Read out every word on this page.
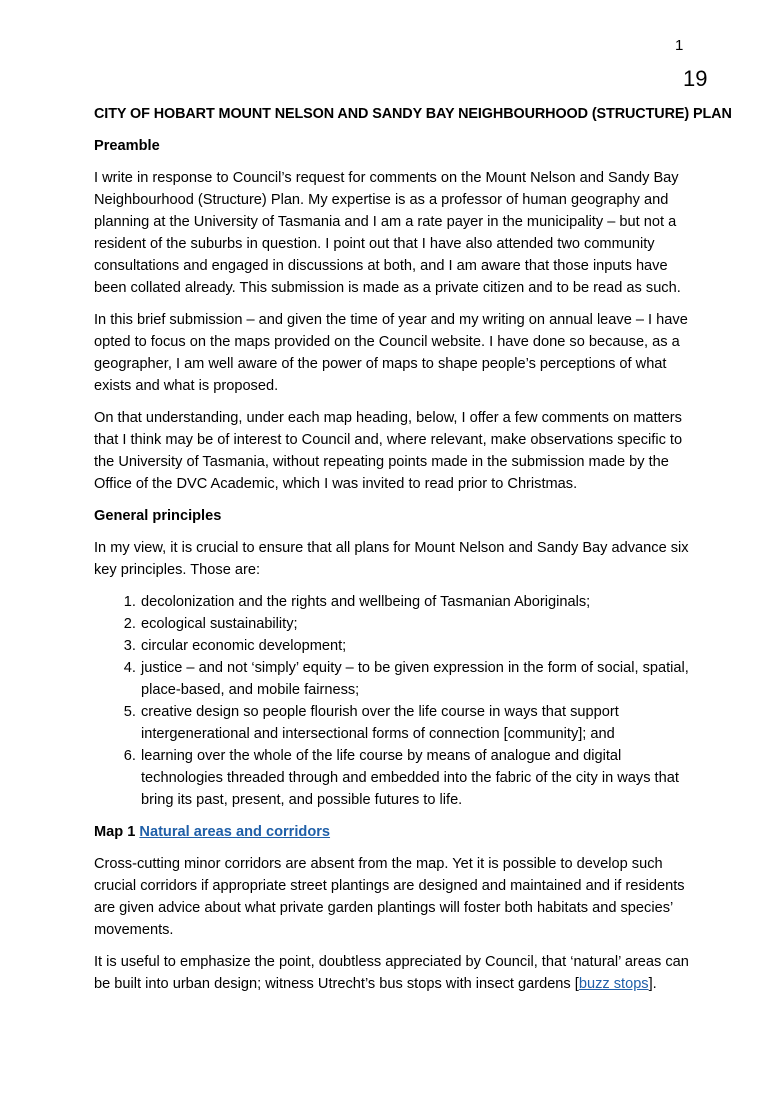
1
19
CITY OF HOBART MOUNT NELSON AND SANDY BAY NEIGHBOURHOOD (STRUCTURE) PLAN
Preamble

I write in response to Council’s request for comments on the Mount Nelson and Sandy Bay Neighbourhood (Structure) Plan. My expertise is as a professor of human geography and planning at the University of Tasmania and I am a rate payer in the municipality – but not a resident of the suburbs in question. I point out that I have also attended two community consultations and engaged in discussions at both, and I am aware that those inputs have been collated already. This submission is made as a private citizen and to be read as such.

In this brief submission – and given the time of year and my writing on annual leave – I have opted to focus on the maps provided on the Council website. I have done so because, as a geographer, I am well aware of the power of maps to shape people’s perceptions of what exists and what is proposed.

On that understanding, under each map heading, below, I offer a few comments on matters that I think may be of interest to Council and, where relevant, make observations specific to the University of Tasmania, without repeating points made in the submission made by the Office of the DVC Academic, which I was invited to read prior to Christmas.

General principles

In my view, it is crucial to ensure that all plans for Mount Nelson and Sandy Bay advance six key principles. Those are:

1. decolonization and the rights and wellbeing of Tasmanian Aboriginals;
2. ecological sustainability;
3. circular economic development;
4. justice – and not ‘simply’ equity – to be given expression in the form of social, spatial, place-based, and mobile fairness;
5. creative design so people flourish over the life course in ways that support intergenerational and intersectional forms of connection [community]; and
6. learning over the whole of the life course by means of analogue and digital technologies threaded through and embedded into the fabric of the city in ways that bring its past, present, and possible futures to life.
Map 1 Natural areas and corridors

Cross-cutting minor corridors are absent from the map. Yet it is possible to develop such crucial corridors if appropriate street plantings are designed and maintained and if residents are given advice about what private garden plantings will foster both habitats and species’ movements.

It is useful to emphasize the point, doubtless appreciated by Council, that ‘natural’ areas can be built into urban design; witness Utrecht’s bus stops with insect gardens [buzz stops].
